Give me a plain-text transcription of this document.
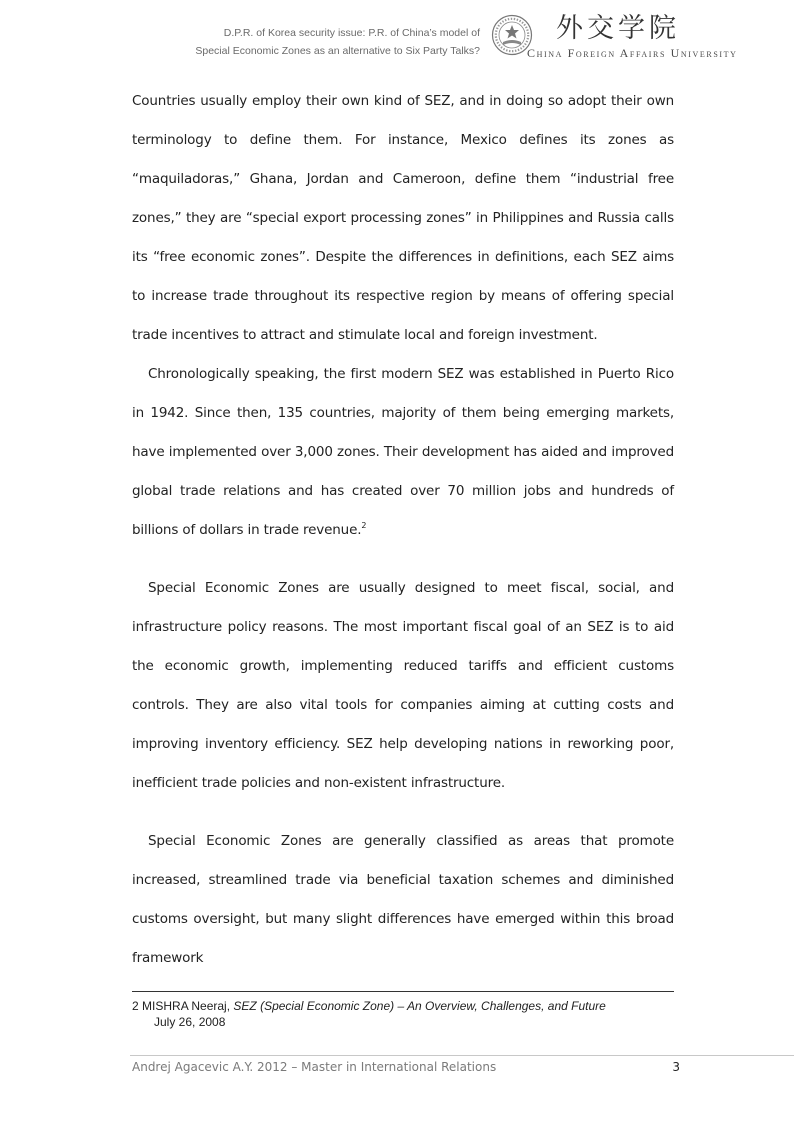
D.P.R. of Korea security issue: P.R. of China’s model of
Special Economic Zones as an alternative to Six Party Talks?
外交学院
China Foreign Affairs University

Countries usually employ their own kind of SEZ, and in doing so adopt their own terminology to define them. For instance, Mexico defines its zones as “maquiladoras,” Ghana, Jordan and Cameroon, define them “industrial free zones,” they are “special export processing zones” in Philippines and Russia calls its “free economic zones”. Despite the differences in definitions, each SEZ aims to increase trade throughout its respective region by means of offering special trade incentives to attract and stimulate local and foreign investment.

Chronologically speaking, the first modern SEZ was established in Puerto Rico in 1942. Since then, 135 countries, majority of them being emerging markets, have implemented over 3,000 zones. Their development has aided and improved global trade relations and has created over 70 million jobs and hundreds of billions of dollars in trade revenue.$^2$

Special Economic Zones are usually designed to meet fiscal, social, and infrastructure policy reasons. The most important fiscal goal of an SEZ is to aid the economic growth, implementing reduced tariffs and efficient customs controls. They are also vital tools for companies aiming at cutting costs and improving inventory efficiency. SEZ help developing nations in reworking poor, inefficient trade policies and non-existent infrastructure.

Special Economic Zones are generally classified as areas that promote increased, streamlined trade via beneficial taxation schemes and diminished customs oversight, but many slight differences have emerged within this broad framework

2 MISHRA Neeraj, SEZ (Special Economic Zone) – An Overview, Challenges, and Future
July 26, 2008
Andrej Agacevic A.Y. 2012 – Master in International Relations	3
